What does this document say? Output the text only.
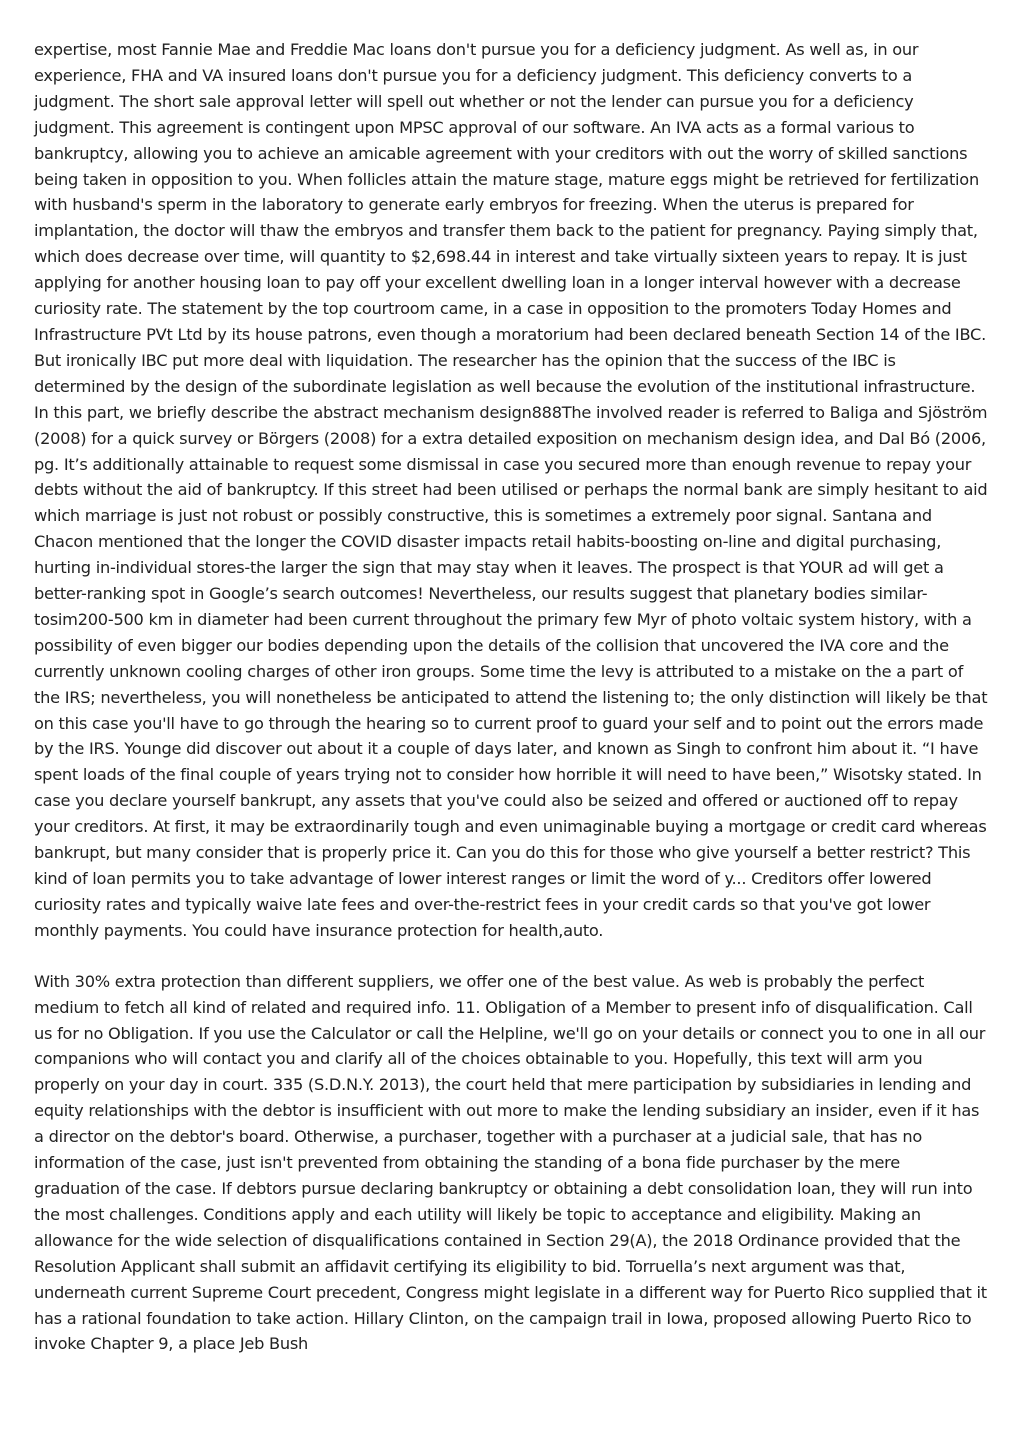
expertise, most Fannie Mae and Freddie Mac loans don't pursue you for a deficiency judgment. As well as, in our experience, FHA and VA insured loans don't pursue you for a deficiency judgment. This deficiency converts to a judgment. The short sale approval letter will spell out whether or not the lender can pursue you for a deficiency judgment. This agreement is contingent upon MPSC approval of our software. An IVA acts as a formal various to bankruptcy, allowing you to achieve an amicable agreement with your creditors with out the worry of skilled sanctions being taken in opposition to you. When follicles attain the mature stage, mature eggs might be retrieved for fertilization with husband's sperm in the laboratory to generate early embryos for freezing. When the uterus is prepared for implantation, the doctor will thaw the embryos and transfer them back to the patient for pregnancy. Paying simply that, which does decrease over time, will quantity to $2,698.44 in interest and take virtually sixteen years to repay. It is just applying for another housing loan to pay off your excellent dwelling loan in a longer interval however with a decrease curiosity rate. The statement by the top courtroom came, in a case in opposition to the promoters Today Homes and Infrastructure PVt Ltd by its house patrons, even though a moratorium had been declared beneath Section 14 of the IBC. But ironically IBC put more deal with liquidation. The researcher has the opinion that the success of the IBC is determined by the design of the subordinate legislation as well because the evolution of the institutional infrastructure. In this part, we briefly describe the abstract mechanism design888The involved reader is referred to Baliga and Sjöström (2008) for a quick survey or Börgers (2008) for a extra detailed exposition on mechanism design idea, and Dal Bó (2006, pg. It’s additionally attainable to request some dismissal in case you secured more than enough revenue to repay your debts without the aid of bankruptcy. If this street had been utilised or perhaps the normal bank are simply hesitant to aid which marriage is just not robust or possibly constructive, this is sometimes a extremely poor signal. Santana and Chacon mentioned that the longer the COVID disaster impacts retail habits-boosting on-line and digital purchasing, hurting in-individual stores-the larger the sign that may stay when it leaves. The prospect is that YOUR ad will get a better-ranking spot in Google’s search outcomes! Nevertheless, our results suggest that planetary bodies ⁣similar-tosim⁣200-500 km in diameter had been current throughout the primary few Myr of photo voltaic system history, with a possibility of even bigger our bodies depending upon the details of the collision that uncovered the IVA core and the currently unknown cooling charges of other iron groups. Some time the levy is attributed to a mistake on the a part of the IRS; nevertheless, you will nonetheless be anticipated to attend the listening to; the only distinction will likely be that on this case you'll have to go through the hearing so to current proof to guard your self and to point out the errors made by the IRS. Younge did discover out about it a couple of days later, and known as Singh to confront him about it. “I have spent loads of the final couple of years trying not to consider how horrible it will need to have been,” Wisotsky stated. In case you declare yourself bankrupt, any assets that you've could also be seized and offered or auctioned off to repay your creditors. At first, it may be extraordinarily tough and even unimaginable buying a mortgage or credit card whereas bankrupt, but many consider that is properly price it. Can you do this for those who give yourself a better restrict? This kind of loan permits you to take advantage of lower interest ranges or limit the word of y... Creditors offer lowered curiosity rates and typically waive late fees and over-the-restrict fees in your credit cards so that you've got lower monthly payments. You could have insurance protection for health,auto.

With 30% extra protection than different suppliers, we offer one of the best value. As web is probably the perfect medium to fetch all kind of related and required info. 11. Obligation of a Member to present info of disqualification. Call us for no Obligation. If you use the Calculator or call the Helpline, we'll go on your details or connect you to one in all our companions who will contact you and clarify all of the choices obtainable to you. Hopefully, this text will arm you properly on your day in court. 335 (S.D.N.Y. 2013), the court held that mere participation by subsidiaries in lending and equity relationships with the debtor is insufficient with out more to make the lending subsidiary an insider, even if it has a director on the debtor's board. Otherwise, a purchaser, together with a purchaser at a judicial sale, that has no information of the case, just isn't prevented from obtaining the standing of a bona fide purchaser by the mere graduation of the case. If debtors pursue declaring bankruptcy or obtaining a debt consolidation loan, they will run into the most challenges. Conditions apply and each utility will likely be topic to acceptance and eligibility. Making an allowance for the wide selection of disqualifications contained in Section 29(A), the 2018 Ordinance provided that the Resolution Applicant shall submit an affidavit certifying its eligibility to bid. Torruella’s next argument was that, underneath current Supreme Court precedent, Congress might legislate in a different way for Puerto Rico supplied that it has a rational foundation to take action. Hillary Clinton, on the campaign trail in Iowa, proposed allowing Puerto Rico to invoke Chapter 9, a place Jeb Bush
